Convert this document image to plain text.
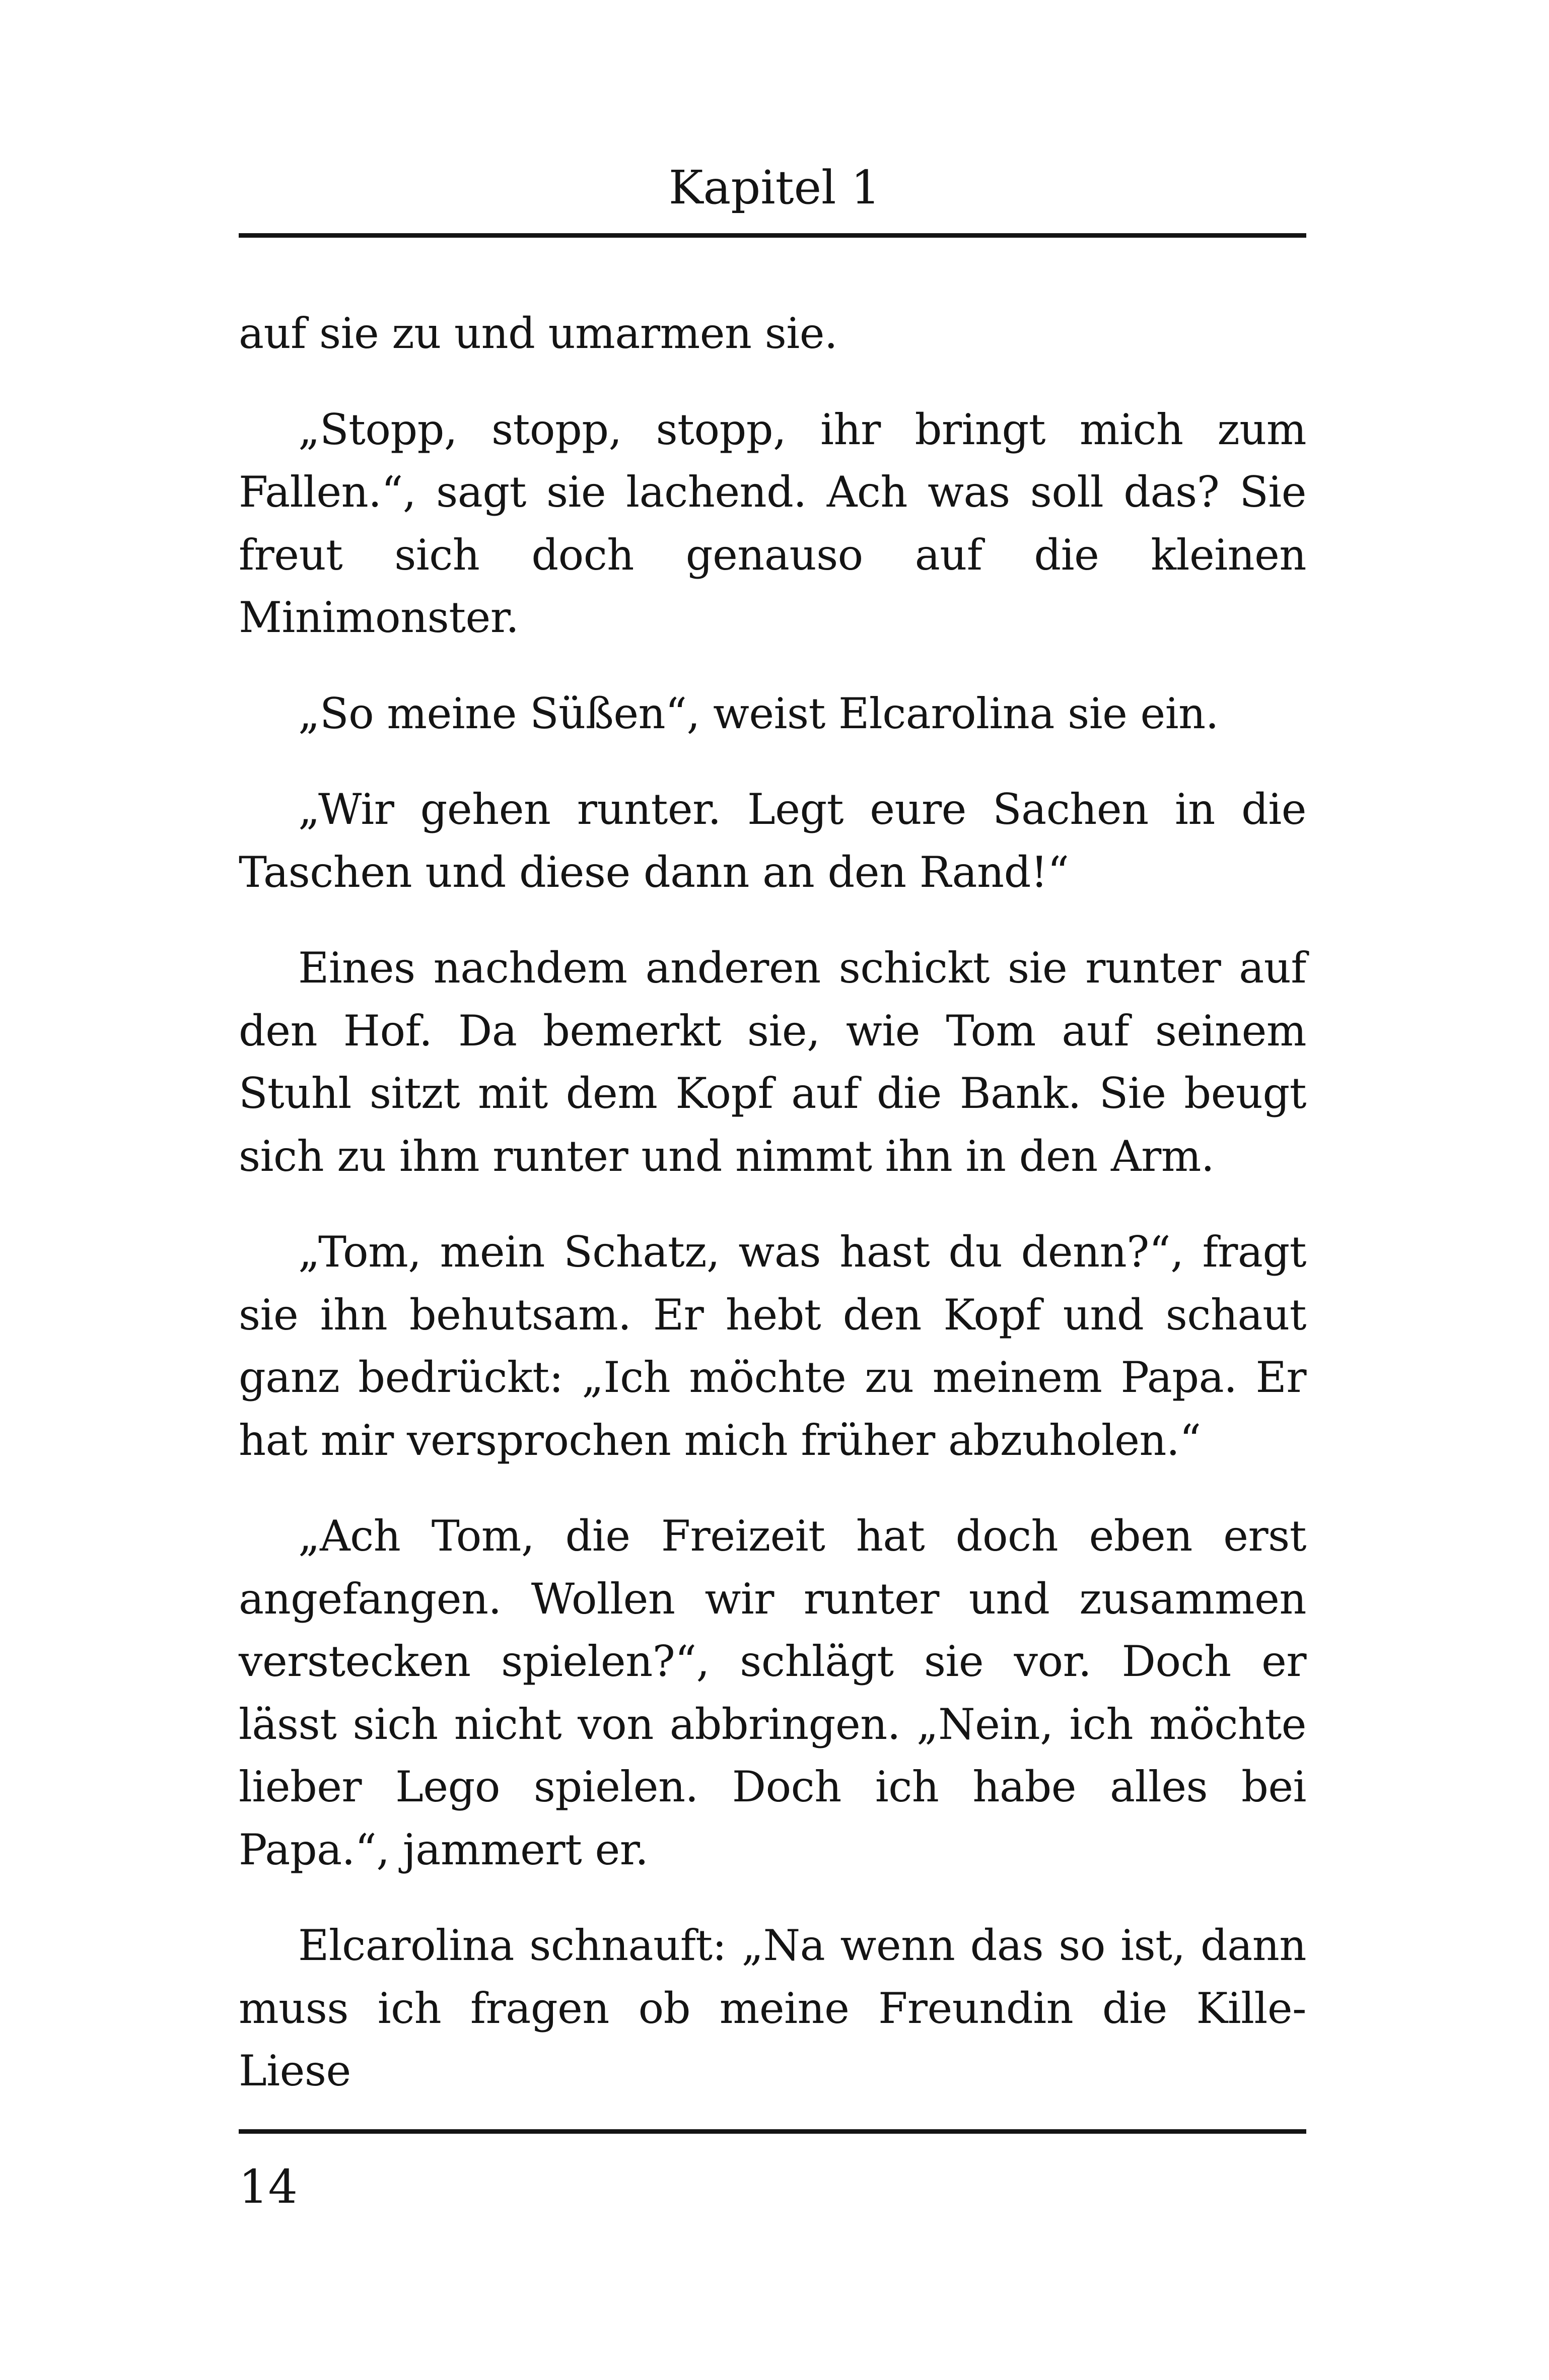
Kapitel 1

auf sie zu und umarmen sie.

„Stopp, stopp, stopp, ihr bringt mich zum Fallen.“, sagt sie lachend. Ach was soll das? Sie freut sich doch genauso auf die kleinen Minimonster.

„So meine Süßen“, weist Elcarolina sie ein.

„Wir gehen runter. Legt eure Sachen in die Taschen und diese dann an den Rand!“

Eines nachdem anderen schickt sie runter auf den Hof. Da bemerkt sie, wie Tom auf seinem Stuhl sitzt mit dem Kopf auf die Bank. Sie beugt sich zu ihm runter und nimmt ihn in den Arm.

„Tom, mein Schatz, was hast du denn?“, fragt sie ihn behutsam. Er hebt den Kopf und schaut ganz bedrückt: „Ich möchte zu meinem Papa. Er hat mir versprochen mich früher abzuholen.“

„Ach Tom, die Freizeit hat doch eben erst angefangen. Wollen wir runter und zusammen verstecken spielen?“, schlägt sie vor. Doch er lässt sich nicht von abbringen. „Nein, ich möchte lieber Lego spielen. Doch ich habe alles bei Papa.“, jammert er.

Elcarolina schnauft: „Na wenn das so ist, dann muss ich fragen ob meine Freundin die Kille-Liese

14
